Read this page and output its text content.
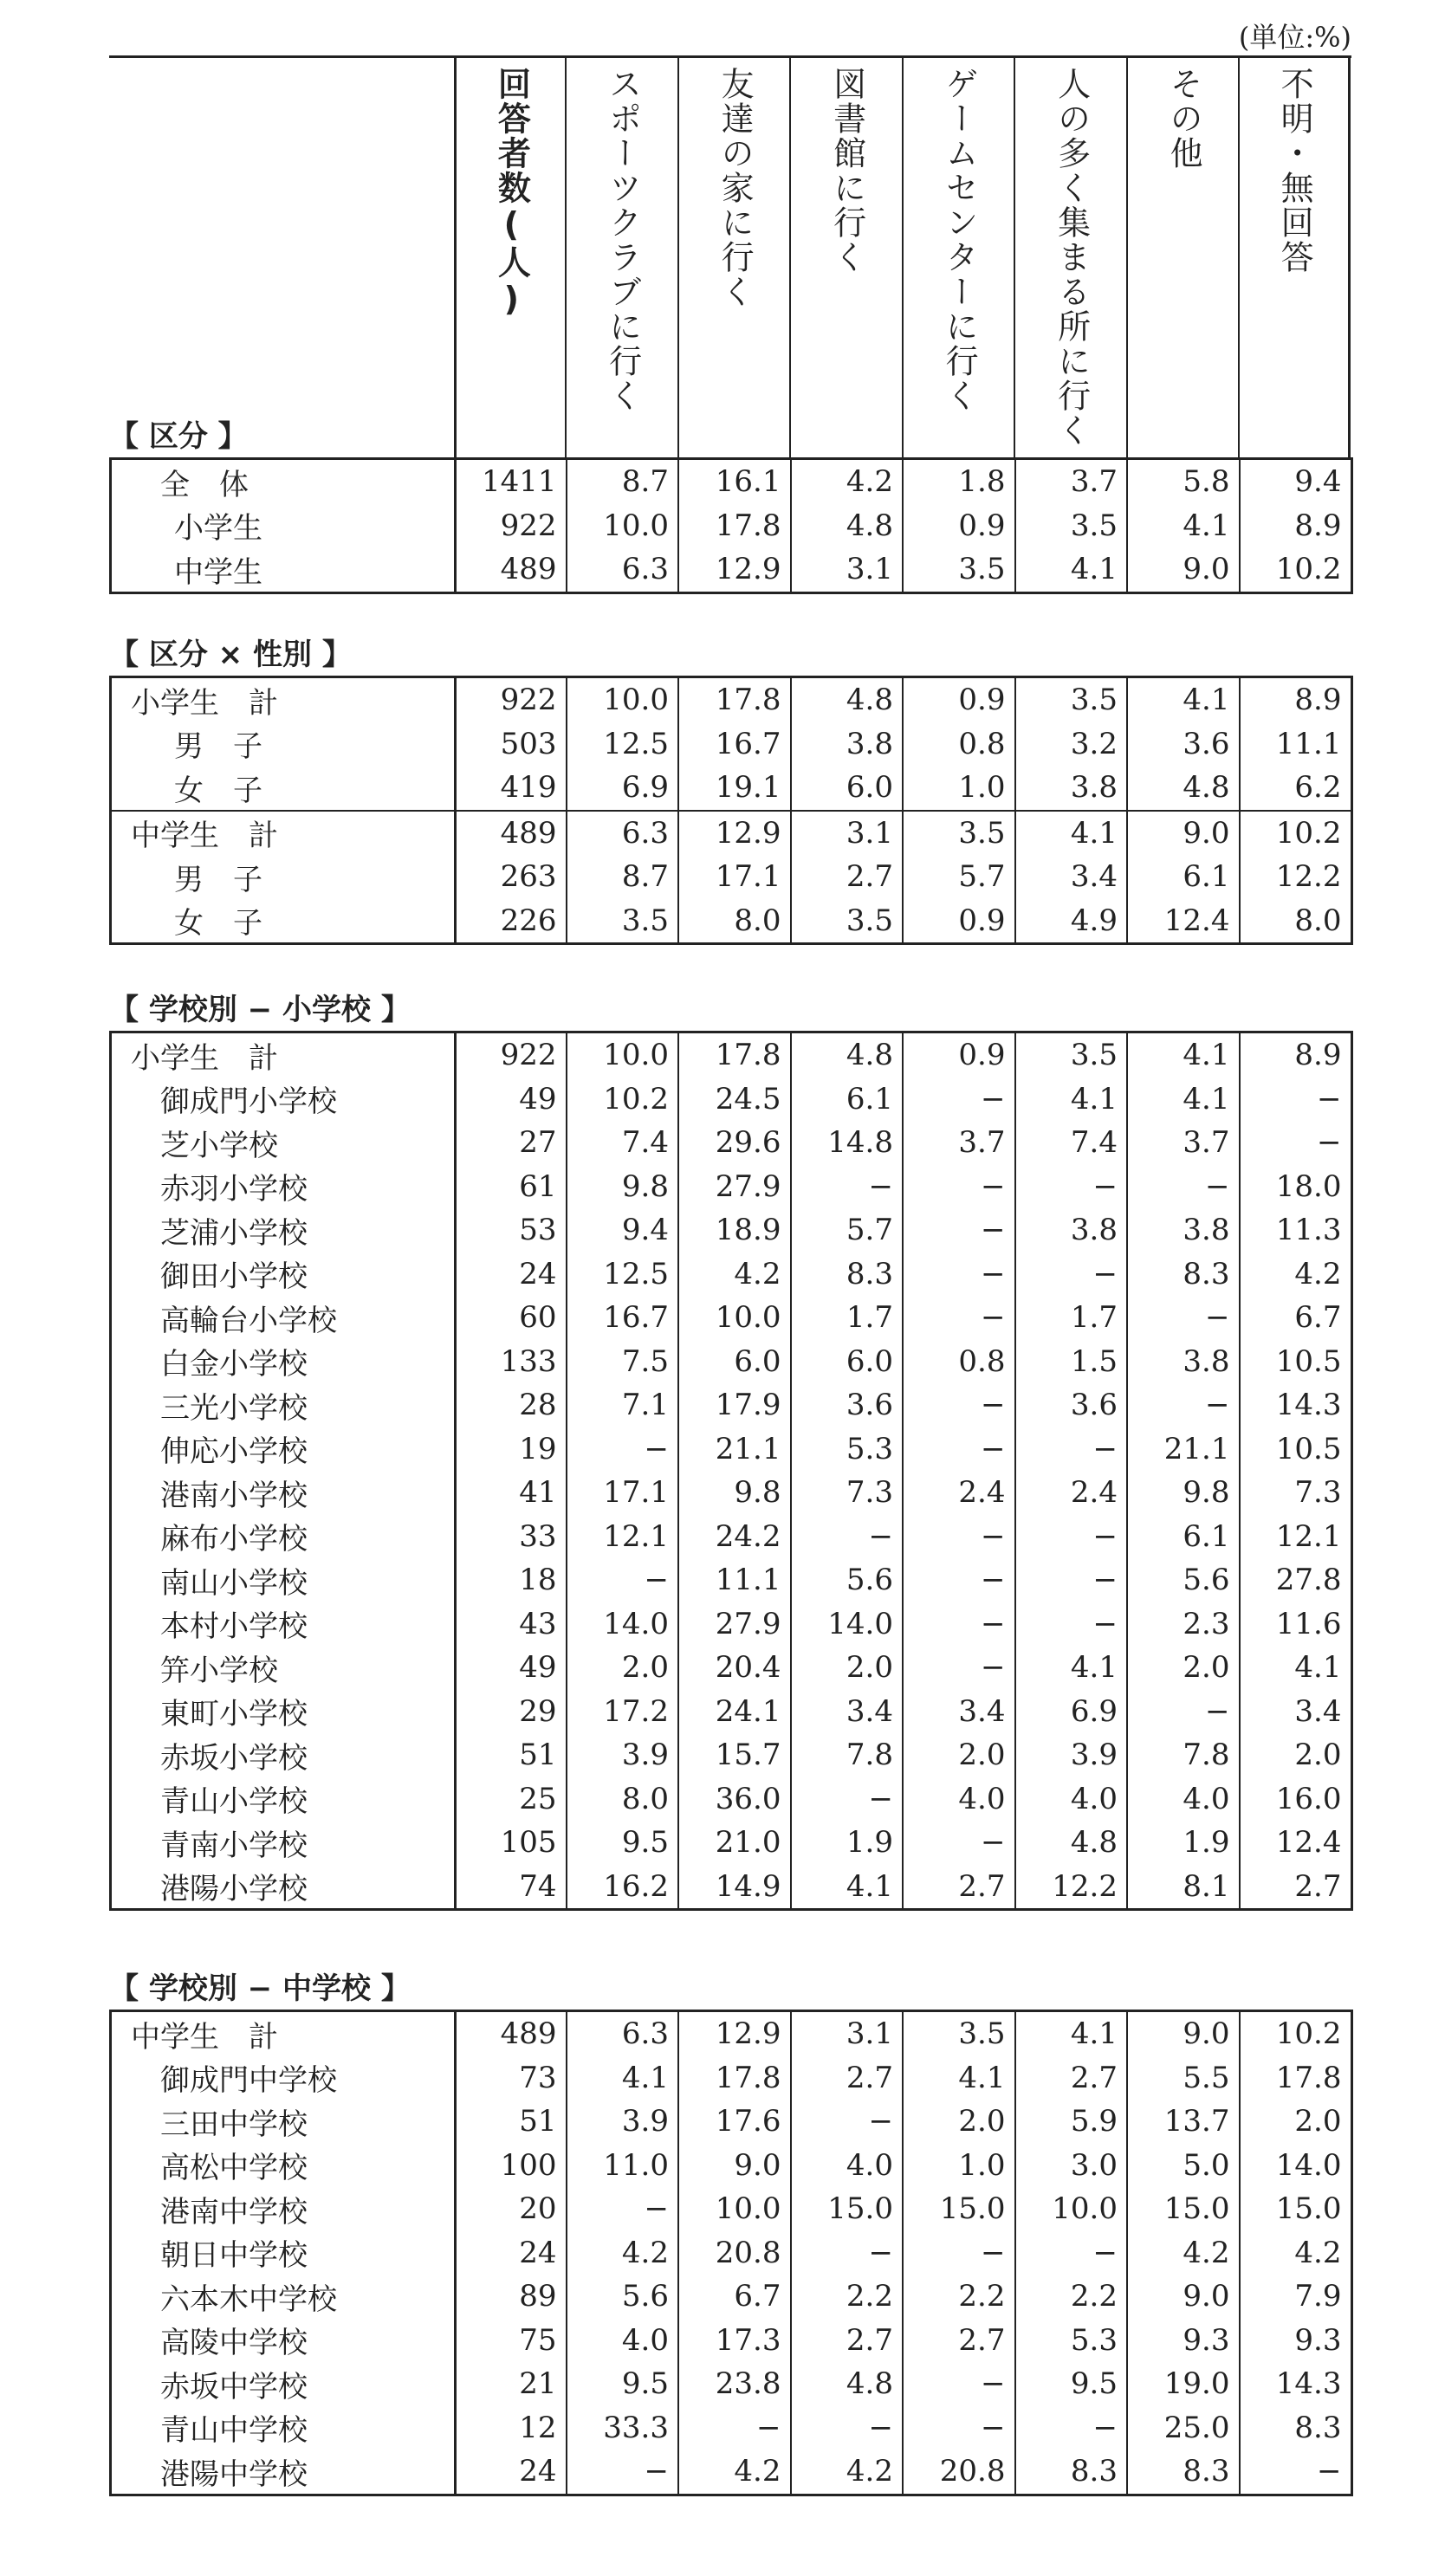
(単位:%)
回答者数(人) スポーツクラブに行く 友達の家に行く 図書館に行く ゲームセンターに行く 人の多く集まる所に行く その他 不明・無回答
【 区分 】
全　体	1411	8.7	16.1	4.2	1.8	3.7	5.8	9.4
小学生	922	10.0	17.8	4.8	0.9	3.5	4.1	8.9
中学生	489	6.3	12.9	3.1	3.5	4.1	9.0	10.2
【 区分 × 性別 】
小学生　計	922	10.0	17.8	4.8	0.9	3.5	4.1	8.9
男　子	503	12.5	16.7	3.8	0.8	3.2	3.6	11.1
女　子	419	6.9	19.1	6.0	1.0	3.8	4.8	6.2
中学生　計	489	6.3	12.9	3.1	3.5	4.1	9.0	10.2
男　子	263	8.7	17.1	2.7	5.7	3.4	6.1	12.2
女　子	226	3.5	8.0	3.5	0.9	4.9	12.4	8.0
【 学校別 − 小学校 】
小学生　計	922	10.0	17.8	4.8	0.9	3.5	4.1	8.9
御成門小学校	49	10.2	24.5	6.1	−	4.1	4.1	−
芝小学校	27	7.4	29.6	14.8	3.7	7.4	3.7	−
赤羽小学校	61	9.8	27.9	−	−	−	−	18.0
芝浦小学校	53	9.4	18.9	5.7	−	3.8	3.8	11.3
御田小学校	24	12.5	4.2	8.3	−	−	8.3	4.2
高輪台小学校	60	16.7	10.0	1.7	−	1.7	−	6.7
白金小学校	133	7.5	6.0	6.0	0.8	1.5	3.8	10.5
三光小学校	28	7.1	17.9	3.6	−	3.6	−	14.3
伸応小学校	19	−	21.1	5.3	−	−	21.1	10.5
港南小学校	41	17.1	9.8	7.3	2.4	2.4	9.8	7.3
麻布小学校	33	12.1	24.2	−	−	−	6.1	12.1
南山小学校	18	−	11.1	5.6	−	−	5.6	27.8
本村小学校	43	14.0	27.9	14.0	−	−	2.3	11.6
笄小学校	49	2.0	20.4	2.0	−	4.1	2.0	4.1
東町小学校	29	17.2	24.1	3.4	3.4	6.9	−	3.4
赤坂小学校	51	3.9	15.7	7.8	2.0	3.9	7.8	2.0
青山小学校	25	8.0	36.0	−	4.0	4.0	4.0	16.0
青南小学校	105	9.5	21.0	1.9	−	4.8	1.9	12.4
港陽小学校	74	16.2	14.9	4.1	2.7	12.2	8.1	2.7
【 学校別 − 中学校 】
中学生　計	489	6.3	12.9	3.1	3.5	4.1	9.0	10.2
御成門中学校	73	4.1	17.8	2.7	4.1	2.7	5.5	17.8
三田中学校	51	3.9	17.6	−	2.0	5.9	13.7	2.0
高松中学校	100	11.0	9.0	4.0	1.0	3.0	5.0	14.0
港南中学校	20	−	10.0	15.0	15.0	10.0	15.0	15.0
朝日中学校	24	4.2	20.8	−	−	−	4.2	4.2
六本木中学校	89	5.6	6.7	2.2	2.2	2.2	9.0	7.9
高陵中学校	75	4.0	17.3	2.7	2.7	5.3	9.3	9.3
赤坂中学校	21	9.5	23.8	4.8	−	9.5	19.0	14.3
青山中学校	12	33.3	−	−	−	−	25.0	8.3
港陽中学校	24	−	4.2	4.2	20.8	8.3	8.3	−
